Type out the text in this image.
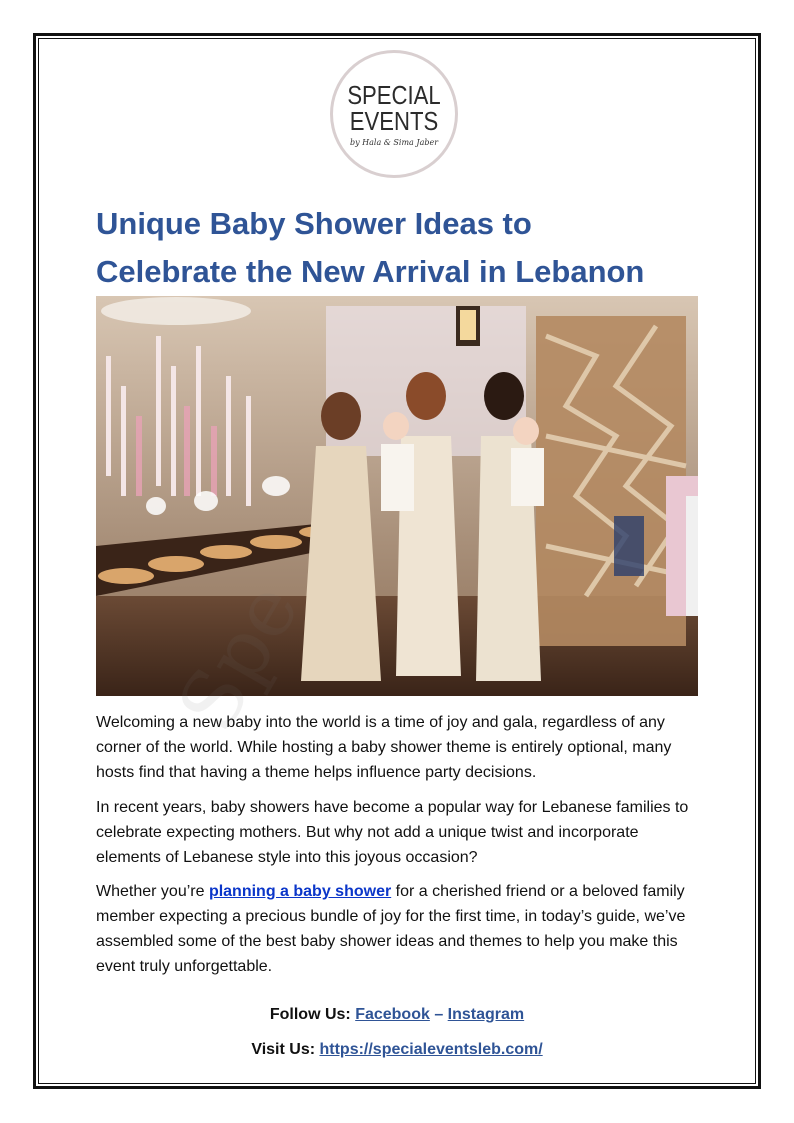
SPECIAL
EVENTS
by Hala & Sima Jaber
Unique Baby Shower Ideas to
Celebrate the New Arrival in Lebanon

Welcoming a new baby into the world is a time of joy and gala, regardless of any corner of the world. While hosting a baby shower theme is entirely optional, many hosts find that having a theme helps influence party decisions.

In recent years, baby showers have become a popular way for Lebanese families to celebrate expecting mothers. But why not add a unique twist and incorporate elements of Lebanese style into this joyous occasion?

Whether you’re planning a baby shower for a cherished friend or a beloved family member expecting a precious bundle of joy for the first time, in today’s guide, we’ve assembled some of the best baby shower ideas and themes to help you make this event truly unforgettable.

Follow Us: Facebook – Instagram
Visit Us: https://specialeventsleb.com/
